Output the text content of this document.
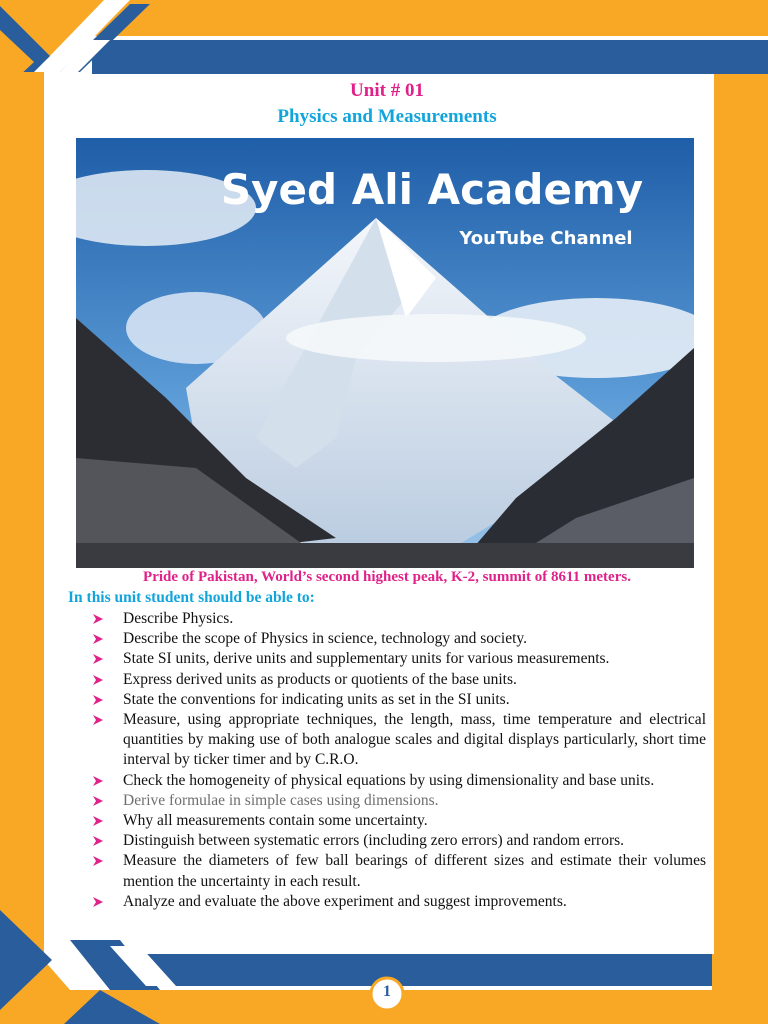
Unit # 01
Physics and Measurements
Syed Ali Academy
YouTube Channel
Pride of Pakistan, World’s second highest peak, K-2, summit of 8611 meters.
In this unit student should be able to:
Describe Physics.
Describe the scope of Physics in science, technology and society.
State SI units, derive units and supplementary units for various measurements.
Express derived units as products or quotients of the base units.
State the conventions for indicating units as set in the SI units.
Measure, using appropriate techniques, the length, mass, time temperature and electrical quantities by making use of both analogue scales and digital displays particularly, short time interval by ticker timer and by C.R.O.
Check the homogeneity of physical equations by using dimensionality and base units.
Derive formulae in simple cases using dimensions.
Why all measurements contain some uncertainty.
Distinguish between systematic errors (including zero errors) and random errors.
Measure the diameters of few ball bearings of different sizes and estimate their volumes mention the uncertainty in each result.
Analyze and evaluate the above experiment and suggest improvements.
1
